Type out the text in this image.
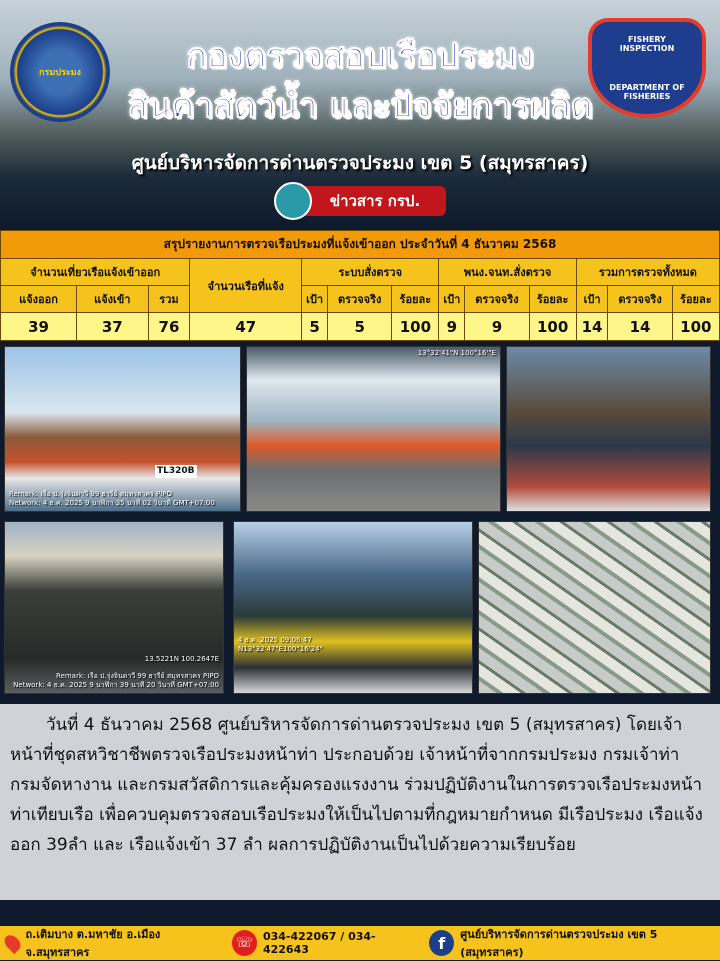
กรมประมง
FISHERY INSPECTION
DEPARTMENT OF FISHERIES
กองตรวจสอบเรือประมง
สินค้าสัตว์น้ำ และปัจจัยการผลิต
ศูนย์บริหารจัดการด่านตรวจประมง เขต 5 (สมุทรสาคร)
ข่าวสาร กรป.
สรุปรายงานการตรวจเรือประมงที่แจ้งเข้าออก ประจำวันที่ 4 ธันวาคม 2568												
จำนวนเที่ยวเรือแจ้งเข้าออก			จำนวนเรือที่แจ้ง	ระบบสั่งตรวจ			พนง.จนท.สั่งตรวจ			รวมการตรวจทั้งหมด		
แจ้งออก	แจ้งเข้า	รวม		เป้า	ตรวจจริง	ร้อยละ	เป้า	ตรวจจริง	ร้อยละ	เป้า	ตรวจจริง	ร้อยละ
39	37	76	47	5	5	100	9	9	100	14	14	100
TL320B
Remark: เรือ ป.รุ่งจินดาวี 99 ธารีย์ สมุทรสาคร PIPO
Network: 4 ธ.ค. 2025 9 นาฬิกา 35 นาที 02 วินาที GMT+07:00
13°32'41"N 100°16'"E
Remark: เรือ ป.รุ่งจินดาวี 99 ธารีย์ สมุทรสาคร PIPO
Network: 4 ธ.ค. 2025 9 นาฬิกา 39 นาที 20 วินาที GMT+07:00
13.5221N 100.2647E
4 ธ.ค. 2025 09:06:47
N13°32'47"E100°16'24"
วันที่ 4 ธันวาคม 2568 ศูนย์บริหารจัดการด่านตรวจประมง เขต 5 (สมุทรสาคร) โดยเจ้าหน้าที่ชุดสหวิชาชีพตรวจเรือประมงหน้าท่า ประกอบด้วย เจ้าหน้าที่จากกรมประมง กรมเจ้าท่า กรมจัดหางาน และกรมสวัสดิการและคุ้มครองแรงงาน ร่วมปฏิบัติงานในการตรวจเรือประมงหน้าท่าเทียบเรือ เพื่อควบคุมตรวจสอบเรือประมงให้เป็นไปตามที่กฎหมายกำหนด มีเรือประมง เรือแจ้งออก 39ลำ และ เรือแจ้งเข้า 37 ลำ ผลการปฏิบัติงานเป็นไปด้วยความเรียบร้อย
ถ.เติมบาง ต.มหาชัย อ.เมือง จ.สมุทรสาคร
☏ 034-422067 / 034-422643	f	ศูนย์บริหารจัดการด่านตรวจประมง เขต 5 (สมุทรสาคร)
